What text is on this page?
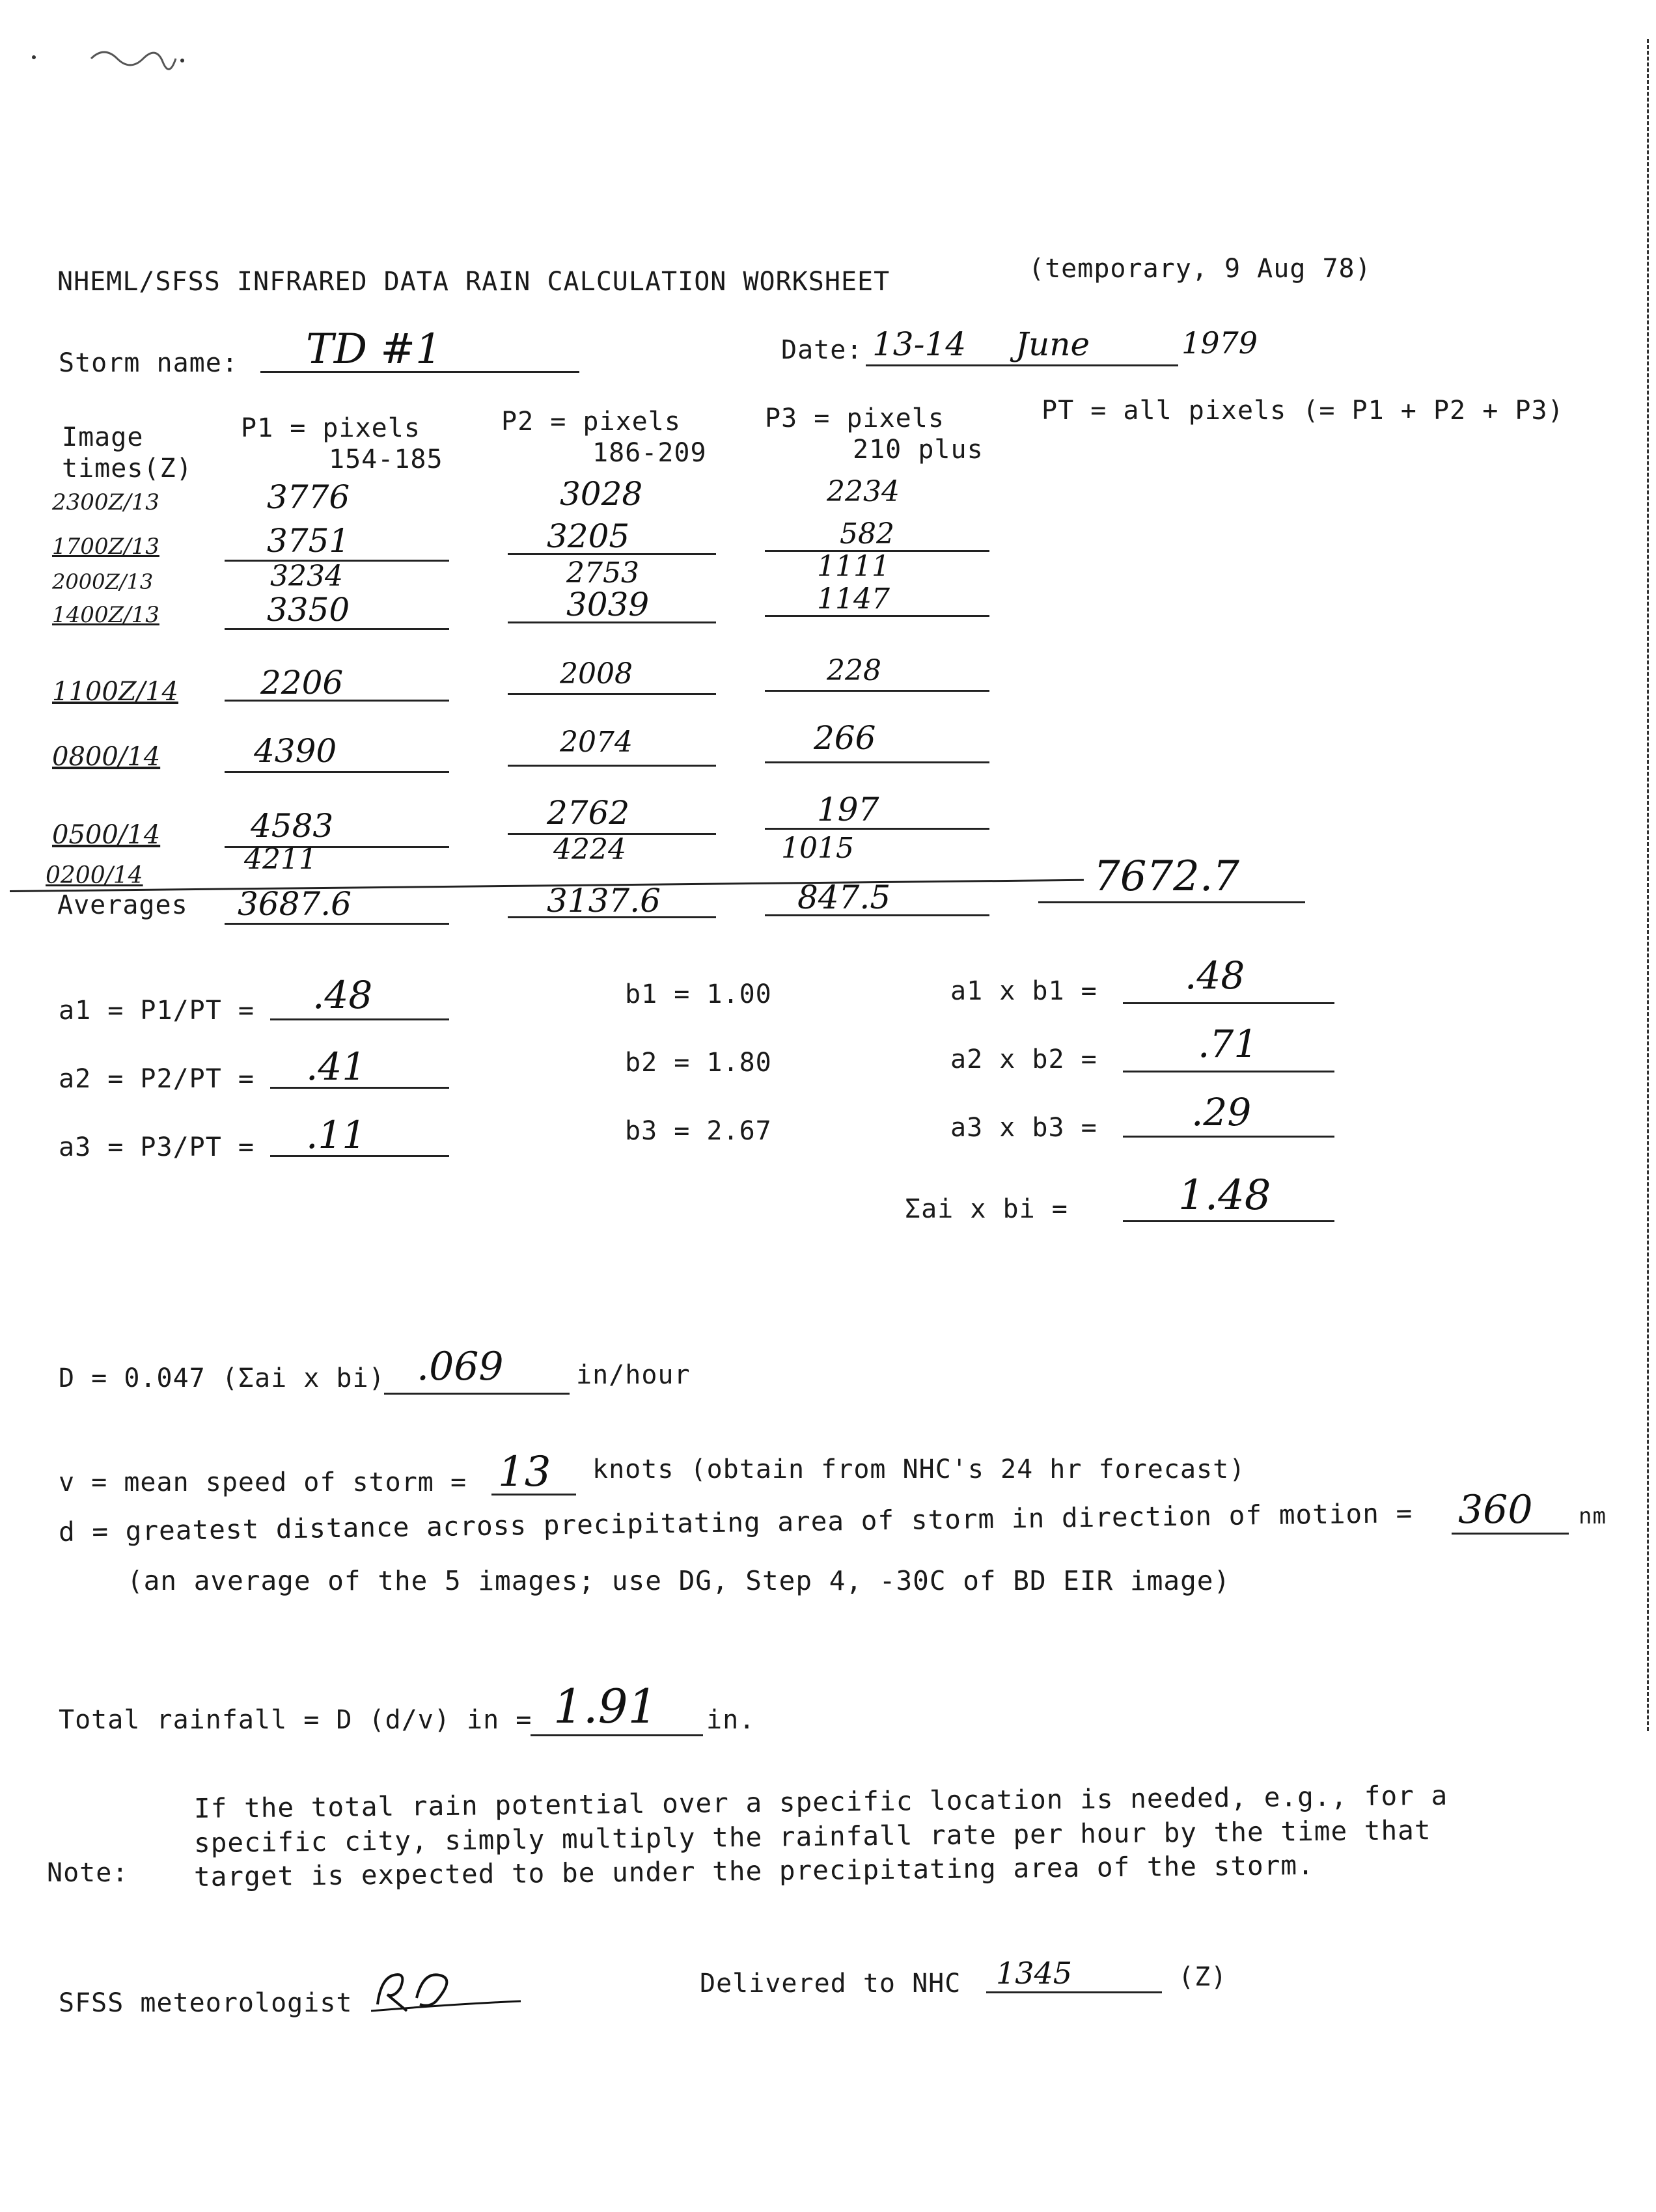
NHEML/SFSS INFRARED DATA RAIN CALCULATION WORKSHEET	(temporary, 9 Aug 78)
Storm name: TD #1	Date: 13-14 June	1979
Image times(Z)
P1 = pixels
154-185
P2 = pixels
186-209
P3 = pixels
210 plus
PT = all pixels (= P1 + P2 + P3)
2300Z/13	3776	3028	2234
1700Z/13	3751	3205	582
2000Z/13	3234	2753	1111
1400Z/13	3350	3039	1147
1100Z/14	2206	2008	228
0800/14	4390	2074	266
0500/14	4583	2762	197
0200/14	4211	4224	1015
Averages 3687.6	3137.6	847.5	7672.7
a1 = P1/PT = .48
a2 = P2/PT = .41
a3 = P3/PT = .11
b1 = 1.00
b2 = 1.80
b3 = 2.67
a1 x b1 = .48
a2 x b2 =	.71
a3 x b3 = .29
Σai x bi =	1.48
D = 0.047 (Σai x bi) .069	in/hour
v = mean speed of storm = 13 knots (obtain from NHC's 24 hr forecast)
d = greatest distance across precipitating area of storm in direction of motion = 360 nm
(an average of the 5 images; use DG, Step 4, -30C of BD EIR image)
Total rainfall = D (d/v) in = 1.91 in.
Note:
If the total rain potential over a specific location is needed, e.g., for a
specific city, simply multiply the rainfall rate per hour by the time that
target is expected to be under the precipitating area of the storm.
SFSS meteorologist
Delivered to NHC 1345	(Z)
